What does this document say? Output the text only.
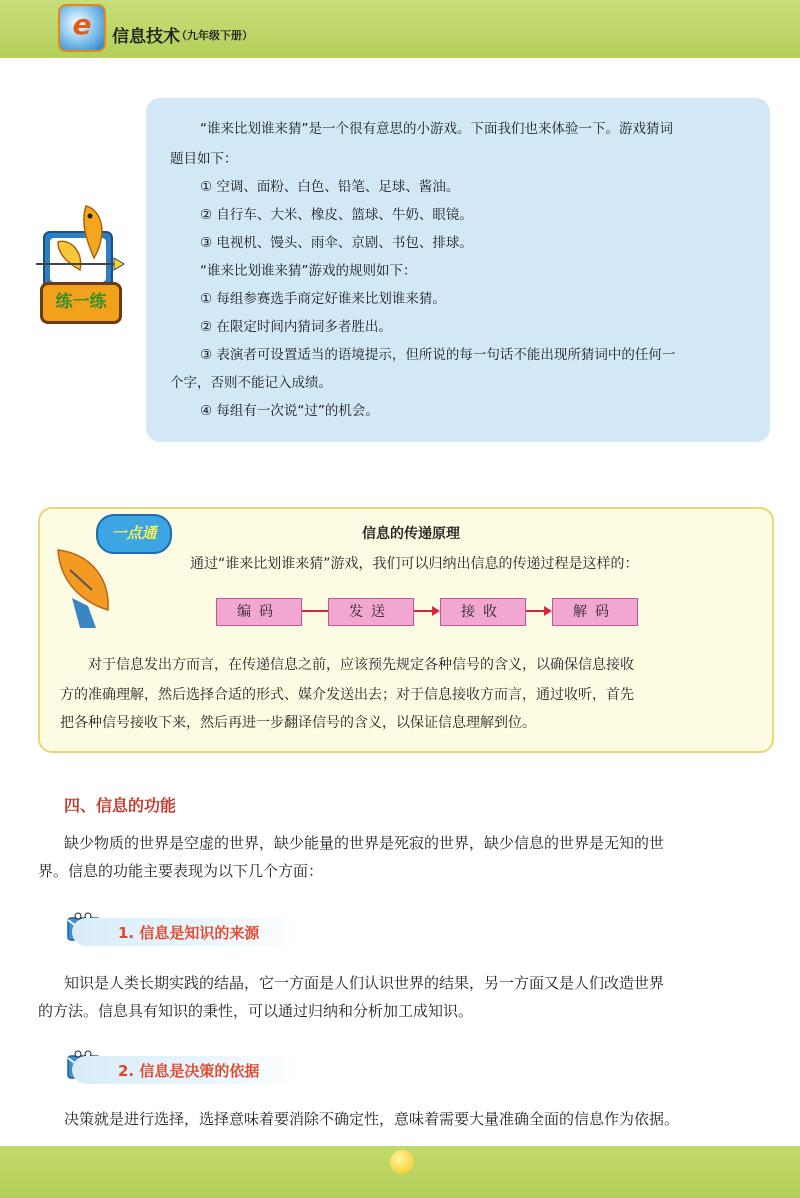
e	信息技术
（九年级下册）
“谁来比划谁来猜”是一个很有意思的小游戏。下面我们也来体验一下。游戏猜词
题目如下：
① 空调、面粉、白色、铅笔、足球、酱油。
② 自行车、大米、橡皮、篮球、牛奶、眼镜。
③ 电视机、馒头、雨伞、京剧、书包、排球。
“谁来比划谁来猜”游戏的规则如下：
① 每组参赛选手商定好谁来比划谁来猜。
② 在限定时间内猜词多者胜出。
③ 表演者可设置适当的语境提示，但所说的每一句话不能出现所猜词中的任何一
个字，否则不能记入成绩。
④ 每组有一次说“过”的机会。
练一练
一点通	信息的传递原理
通过“谁来比划谁来猜”游戏，我们可以归纳出信息的传递过程是这样的：
编码	发送	接收	解码
对于信息发出方而言，在传递信息之前，应该预先规定各种信号的含义，以确保信息接收
方的准确理解，然后选择合适的形式、媒介发送出去；对于信息接收方而言，通过收听，首先
把各种信号接收下来，然后再进一步翻译信号的含义，以保证信息理解到位。
四、信息的功能
缺少物质的世界是空虚的世界，缺少能量的世界是死寂的世界，缺少信息的世界是无知的世
界。信息的功能主要表现为以下几个方面：
1. 信息是知识的来源
知识是人类长期实践的结晶，它一方面是人们认识世界的结果，另一方面又是人们改造世界
的方法。信息具有知识的秉性，可以通过归纳和分析加工成知识。
2. 信息是决策的依据
决策就是进行选择，选择意味着要消除不确定性，意味着需要大量准确全面的信息作为依据。
